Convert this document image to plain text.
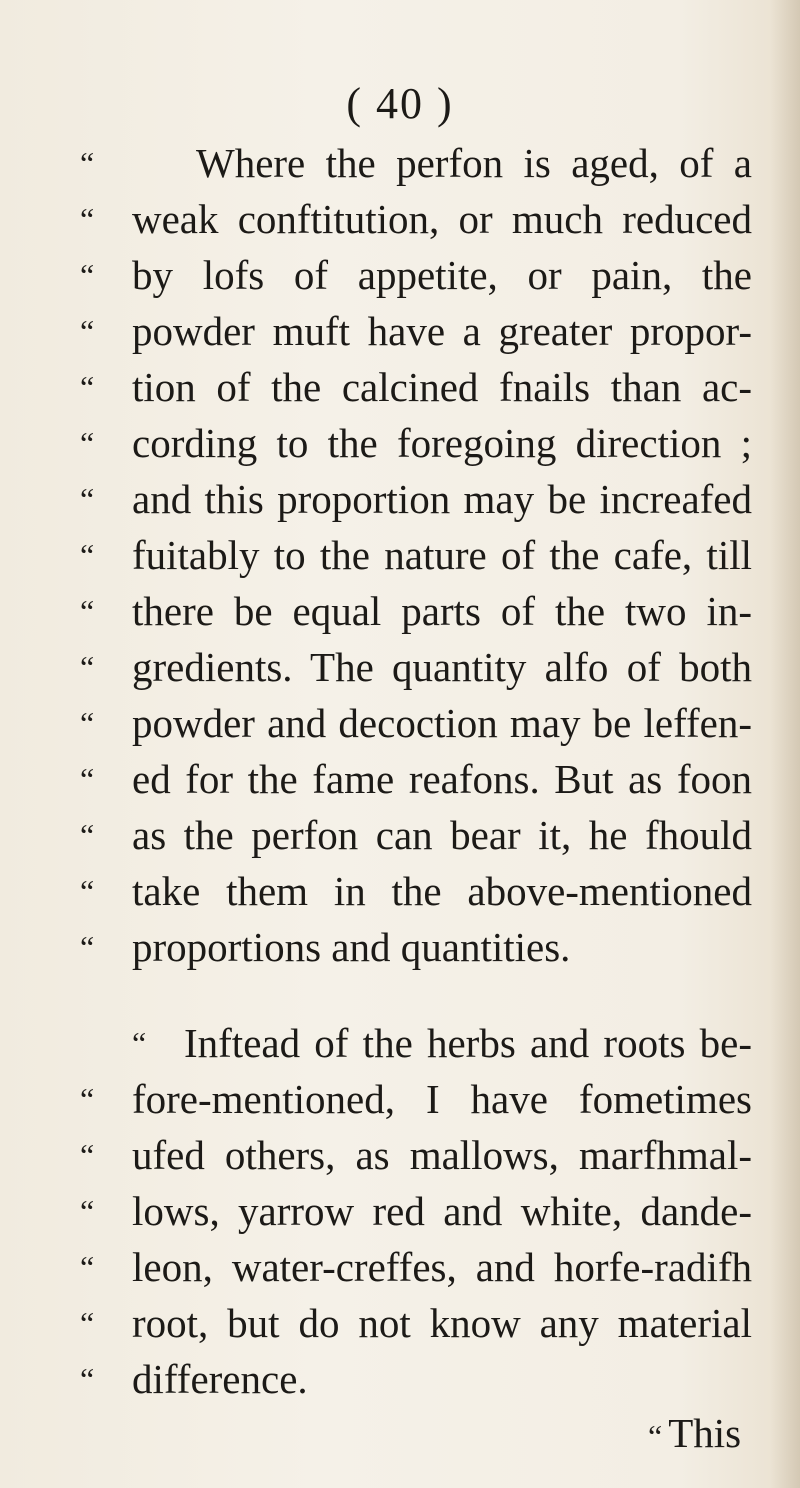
( 40 )
“	Where the perfon is aged, of a
“ weak conftitution, or much reduced
“ by lofs of appetite, or pain, the
“ powder muft have a greater propor-
“ tion of the calcined fnails than ac-
“ cording to the foregoing direction ;
“ and this proportion may be increafed
“ fuitably to the nature of the cafe, till
“ there be equal parts of the two in-
“ gredients. The quantity alfo of both
“ powder and decoction may be leffen-
“ ed for the fame reafons. But as foon
“ as the perfon can bear it, he fhould
“ take them in the above-mentioned
“ proportions and quantities.
“ Inftead of the herbs and roots be-
“ fore-mentioned, I have fometimes
“ ufed others, as mallows, marfhmal-
“ lows, yarrow red and white, dande-
“ leon, water-creffes, and horfe-radifh
“ root, but do not know any material
“ difference.
“ This
